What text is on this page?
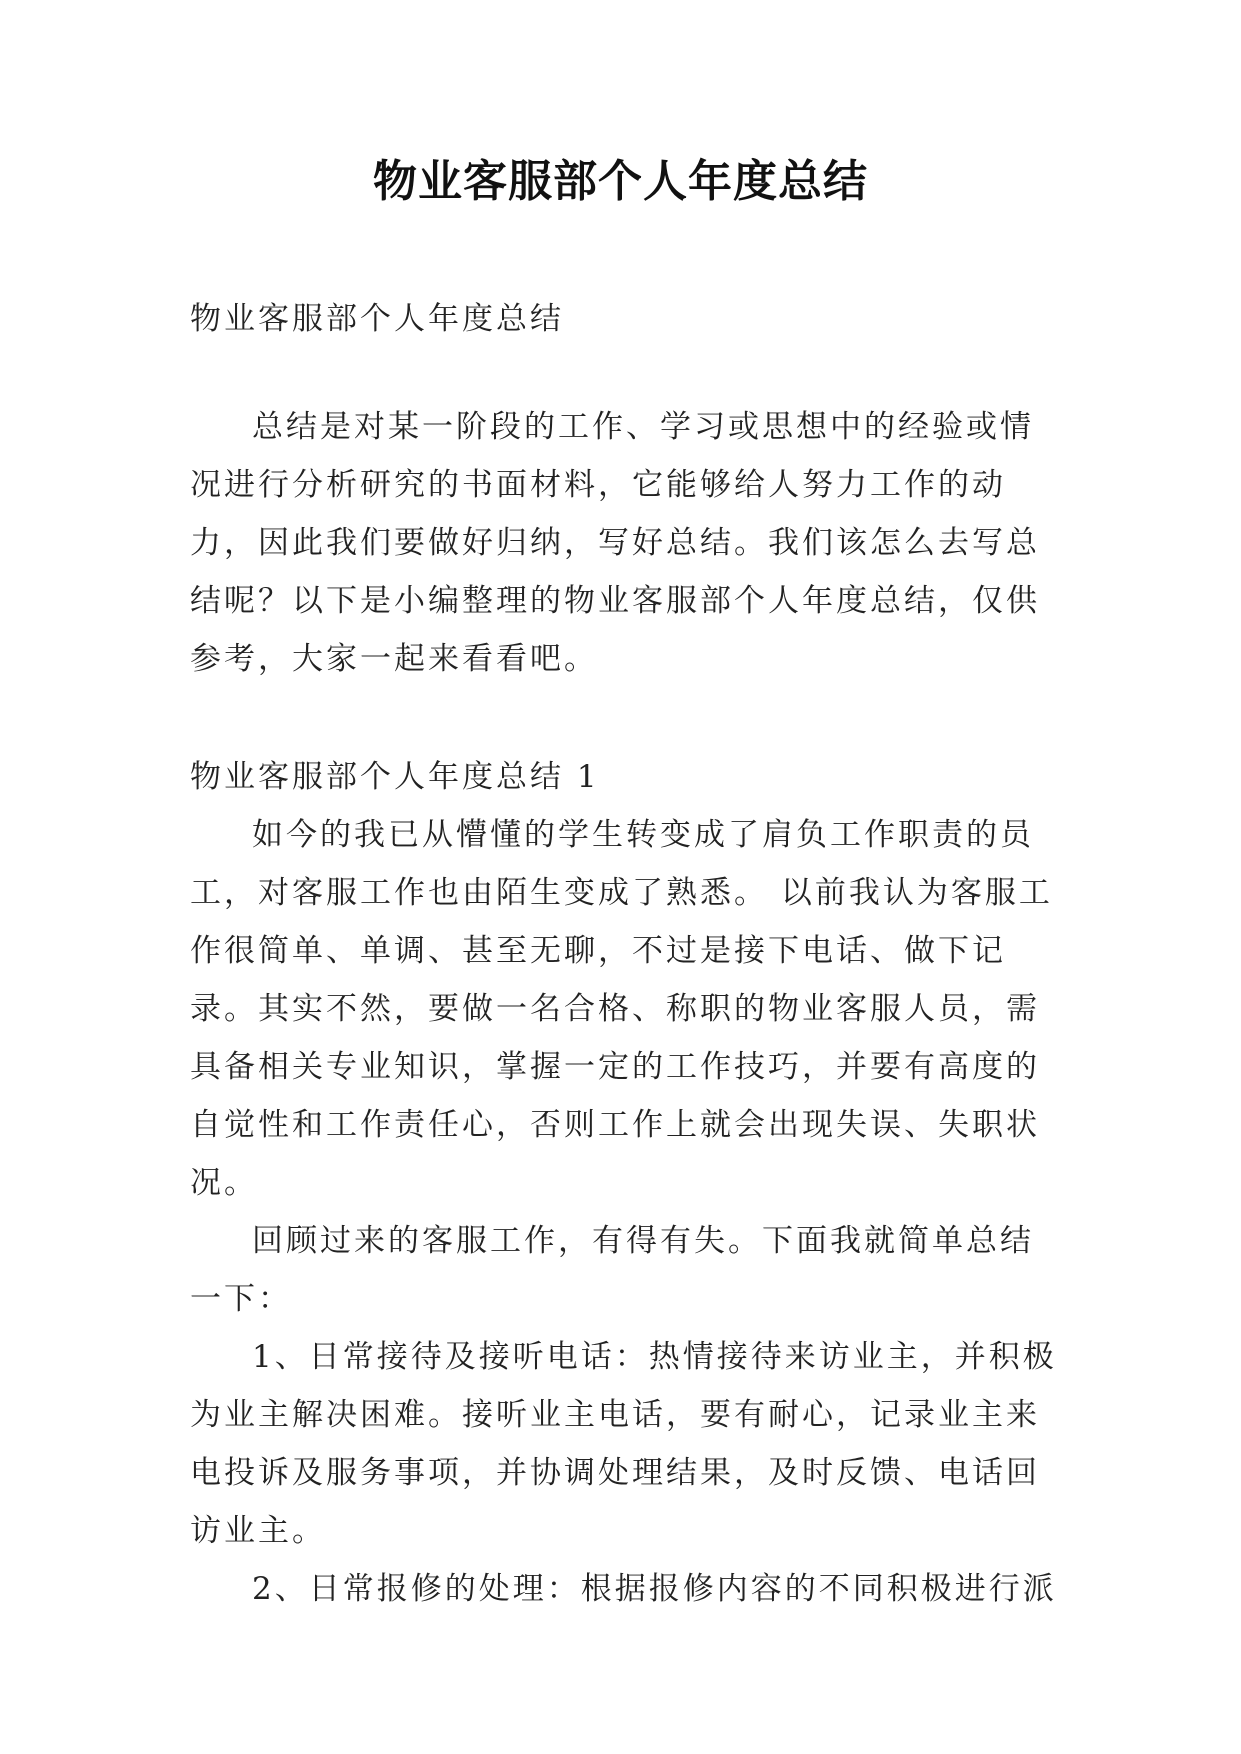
物业客服部个人年度总结

物业客服部个人年度总结

总结是对某一阶段的工作、学习或思想中的经验或情况进行分析研究的书面材料，它能够给人努力工作的动力，因此我们要做好归纳，写好总结。我们该怎么去写总结呢？以下是小编整理的物业客服部个人年度总结，仅供参考，大家一起来看看吧。

物业客服部个人年度总结 1

如今的我已从懵懂的学生转变成了肩负工作职责的员工，对客服工作也由陌生变成了熟悉。 以前我认为客服工作很简单、单调、甚至无聊，不过是接下电话、做下记录。其实不然，要做一名合格、称职的物业客服人员，需具备相关专业知识，掌握一定的工作技巧，并要有高度的自觉性和工作责任心，否则工作上就会出现失误、失职状况。

回顾过来的客服工作，有得有失。下面我就简单总结一下：

1、日常接待及接听电话：热情接待来访业主，并积极为业主解决困难。接听业主电话，要有耐心，记录业主来电投诉及服务事项，并协调处理结果，及时反馈、电话回访业主。

2、日常报修的处理：根据报修内容的不同积极进行派
